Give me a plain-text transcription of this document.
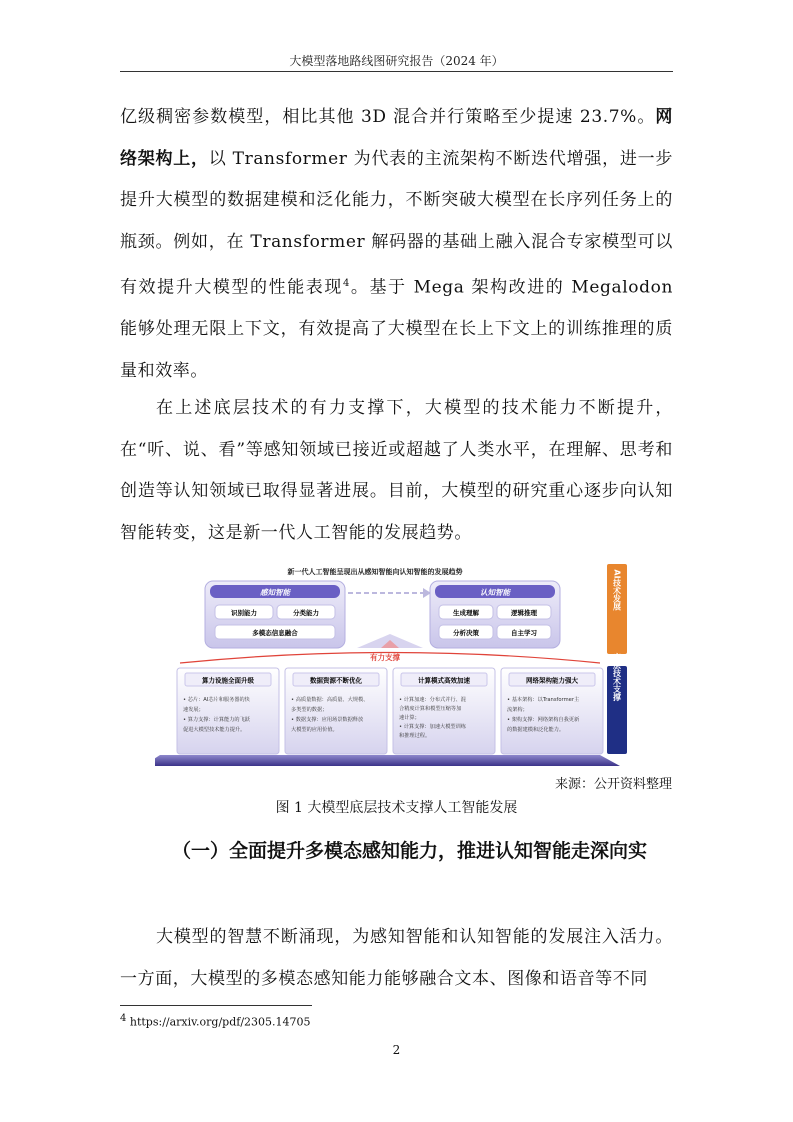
大模型落地路线图研究报告（2024 年）

亿级稠密参数模型，相比其他 3D 混合并行策略至少提速 23.7%。网络架构上，以 Transformer 为代表的主流架构不断迭代增强，进一步提升大模型的数据建模和泛化能力，不断突破大模型在长序列任务上的瓶颈。例如，在 Transformer 解码器的基础上融入混合专家模型可以有效提升大模型的性能表现$^4$。基于 Mega 架构改进的 Megalodon 能够处理无限上下文，有效提高了大模型在长上下文上的训练推理的质量和效率。

在上述底层技术的有力支撑下，大模型的技术能力不断提升，在“听、说、看”等感知领域已接近或超越了人类水平，在理解、思考和创造等认知领域已取得显著进展。目前，大模型的研究重心逐步向认知智能转变，这是新一代人工智能的发展趋势。

新一代人工智能呈现出从感知智能向认知智能的发展趋势
感知智能
识别能力	分类能力
多模态信息融合
认知智能
生成理解	逻辑推理
分析决策	自主学习
有力支撑
算力设施全面升级
• 芯片：AI芯片和服务器的快
速发展；
• 算力支撑：计算能力的飞跃
促进大模型技术能力提升。
数据资源不断优化
• 高质量数据：高质量、大规模、
多类型的数据；
• 数据支撑：应用场景数据释放
大模型的应用价值。
计算模式高效加速
• 计算加速：分布式并行、混
合精度计算和模型压缩等加
速计算；
• 计算支撑：加速大模型训练
和推理过程。
网络架构能力强大
• 基本架构：以Transformer主
流架构；
• 架构支撑：网络架构自我更新
的数据建模和泛化能力。
AI技术发展
底层技术支撑
来源：公开资料整理
图 1 大模型底层技术支撑人工智能发展
（一）全面提升多模态感知能力，推进认知智能走深向实

大模型的智慧不断涌现，为感知智能和认知智能的发展注入活力。一方面，大模型的多模态感知能力能够融合文本、图像和语音等不同

$^4$ https://arxiv.org/pdf/2305.14705
2
